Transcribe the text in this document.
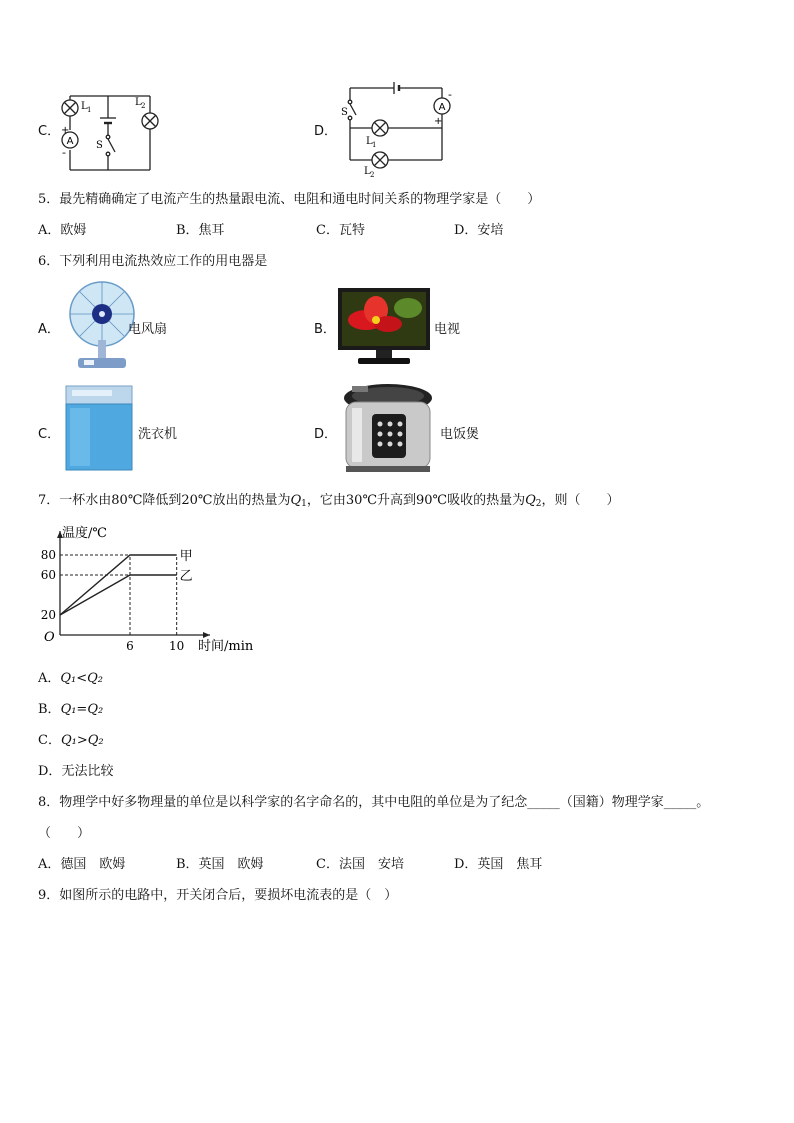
C．
A
+
-
L 1
L 2
S
D．
A
+
-
S
L 1
L 2
5．最先精确确定了电流产生的热量跟电流、电阻和通电时间关系的物理学家是（　　）
A．欧姆	B．焦耳	C．瓦特	D．安培
6．下列利用电流热效应工作的用电器是
A．	电风扇	B．	电视
C．	洗衣机	D．	电饭煲
7．一杯水由80℃降低到20℃放出的热量为$Q_1$，它由30℃升高到90℃吸收的热量为$Q_2$，则（　　）
温度/℃
时间/min
O
20
60
80
6	10
甲
乙
A．Q₁<Q₂
B．Q₁=Q₂
C．Q₁>Q₂
D．无法比较
8．物理学中好多物理量的单位是以科学家的名字命名的，其中电阻的单位是为了纪念_____（国籍）物理学家_____。
（　　）
A．德国　欧姆	B．英国　欧姆	C．法国　安培	D．英国　焦耳
9．如图所示的电路中，开关闭合后，要损坏电流表的是（　）
